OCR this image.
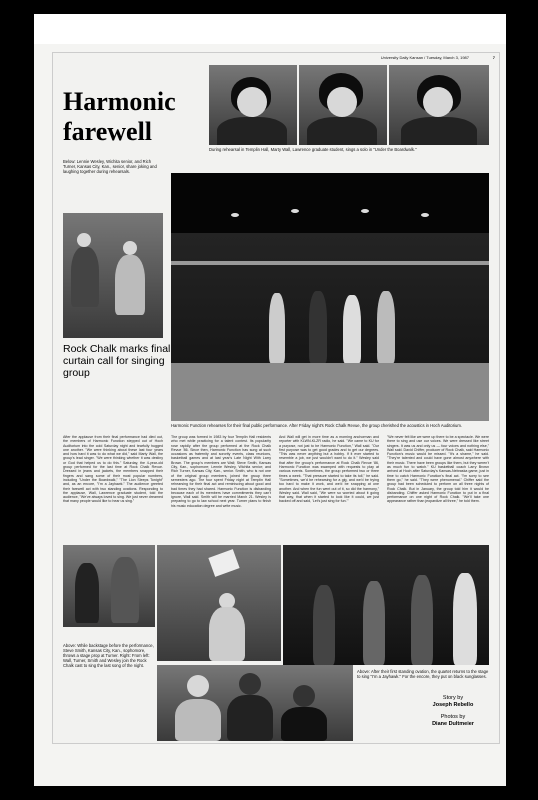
University Daily Kansan / Tuesday, March 3, 1987	7
Harmonic farewell
During rehearsal in Templin Hall, Marty Wall, Lawrence graduate student, sings a solo in "Under the Boardwalk."
Below: Lennie Wesley, Wichita senior, and Rich Turner, Kansas City, Kan., senior, share joking and laughing together during rehearsals.
Rock Chalk marks final curtain call for singing group
Harmonic Function rehearses for their final public performance. After Friday night's Rock Chalk Revue, the group cherished the acoustics in Hoch Auditorium.
After the applause from their final performance had died out, the members of Harmonic Function stepped out of Hoch Auditorium into the cold Saturday night and tearfully hugged one another. "We were thinking about these last four years and how hard it was to do what we did," said Marty Wall, the group's lead singer. "We were thinking whether it was destiny or God that helped us to do this." Saturday, the 4-year-old group performed for the last time at Rock Chalk Revue. Dressed in jeans and jackets, the members snapped their fingers and sang some of their most popular numbers, including "Under the Boardwalk," "The Lion Sleeps Tonight" and, as an encore, "I'm a Jayhawk." The audience greeted their farewell act with two standing ovations. Responding to the applause, Wall, Lawrence graduate student, told the audience, "We've always loved to sing. We just never dreamed that many people would like to hear us sing."
The group was formed in 1983 by four Templin Hall residents who met while practicing for a talent contest. Its popularity rose rapidly after the group performed at the Rock Chalk Revue '86. Since then, Harmonic Function has sung at such occasions as fraternity and sorority events, class reunions, basketball games and at last year's Late Night With Larry Brown. The group's members are Wall; Steve Smith, Kansas City, Kan., sophomore; Lennie Wesley, Wichita senior; and Rich Turner, Kansas City, Kan., senior. Smith, who is not one of the original group members, joined the group three semesters ago. The four spent Friday night at Templin Hall rehearsing for their final act and reminiscing about good and bad times they had shared. Harmonic Function is disbanding because each of its members have commitments they can't ignore, Wall said. Smith will be married March 21. Wesley is preparing to go to law school next year. Turner plans to finish his music education degree and write music.
And Wall will get in more time as a morning anchorman and reporter with KLWN-KLZR radio, he said. "We came to KU for a purpose, not just to be Harmonic Function," Wall said. "Our first purpose was to get good grades and to get our degrees. "This was never anything but a hobby. If it ever started to resemble a job, we just wouldn't want to do it." Wesley said that after the group's performance at Rock Chalk Revue '86, Harmonic Function was swamped with requests to play at various events. Sometimes, the group performed two or three times a week. "That pressure started to take its toll," he said. "Sometimes, we'd be rehearsing for a gig, and we'd be trying too hard to make it work, and we'd be snapping at one another. And when the fun went out of it, so did the harmony," Wesley said. Wall said, "We were so worried about it going that way, that when it started to look like it could, we just backed off and said, 'Let's just sing for fun.'"
"We never felt like we were up there to be a spectacle. We were there to sing and use our voices. We were dressed like street singers. It was us and only us — four voices and nothing else," Wall said. David Chiffer, producer of Rock Chalk, said Harmonic Function's music would be missed. "It's a shame," he said. "They're talented and could have gone almost anywhere with their music. There have been groups like them, but they weren't as much fun to watch." KU basketball coach Larry Brown arrived at Hoch after Saturday's Kansas-Nebraska game, just in time to catch Harmonic Function's final act. "I'm sorry to see them go," he said. "They were phenomenal." Chiffer said the group had been scheduled to perform on all three nights of Rock Chalk. But in January, the group told him it would be disbanding. Chiffer asked Harmonic Function to put in a final performance on one night of Rock Chalk. "We'll take one appearance rather than jeopardize all three," he told them.
Above: While backstage before the performance, Steve Smith, Kansas City, Kan., sophomore, throws a stage prop at Turner. Right: From left: Wall, Turner, Smith and Wesley join the Rock Chalk cast to sing the last song of the night.
Above: After their first standing ovation, the quartet returns to the stage to sing "I'm a Jayhawk." For the encore, they put on black sunglasses.
Story by
Joseph Rebello
Photos by
Diane Dultmeier
